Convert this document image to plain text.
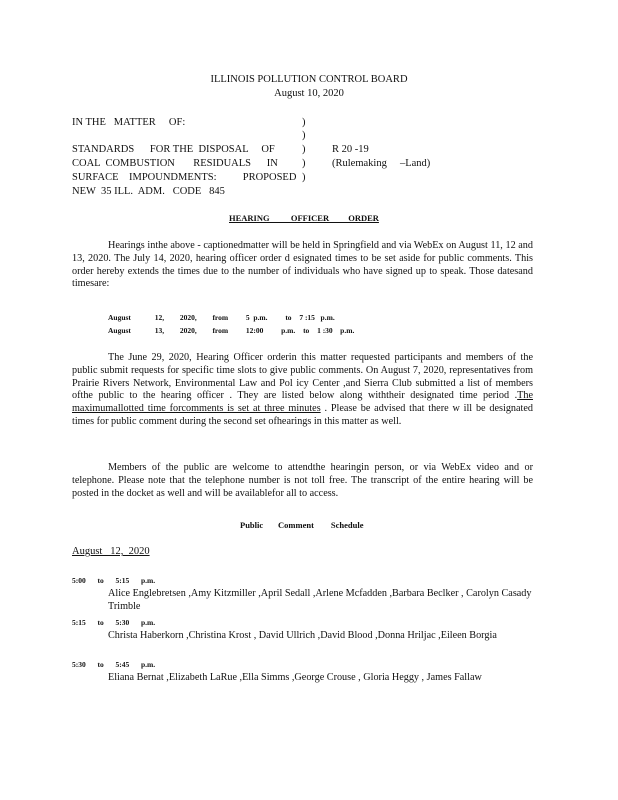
ILLINOIS POLLUTION CONTROL BOARD
August 10, 2020
IN THE   MATTER     OF:
STANDARDS      FOR THE  DISPOSAL     OF
COAL  COMBUSTION       RESIDUALS      IN
SURFACE    IMPOUNDMENTS:          PROPOSED
NEW  35 ILL.  ADM.   CODE   845
)
)
)
)
)
R 20 -19
(Rulemaking     –Land)
HEARING          OFFICER         ORDER
Hearings inthe above - captionedmatter will be held in Springfield and via WebEx on August 11, 12 and 13, 2020. The July 14, 2020, hearing officer order d esignated times to be set aside for public comments. This order hereby extends the times due to the number of individuals who have signed up to speak. Those datesand timesare:
August	12, 2020, from 5  p.m. to 7 :15   p.m.
August	13, 2020, from 12:00 p.m. to 1 :30    p.m.
The June 29, 2020, Hearing Officer orderin this matter requested participants and members of the public submit requests for specific time slots to give public comments. On August 7, 2020, representatives from Prairie Rivers Network, Environmental Law and Pol icy Center ,and Sierra Club submitted a list of members ofthe public to the hearing officer . They are listed below along withtheir designated time period .The maximumallotted time forcomments is set at three minutes . Please be advised that there w ill be designated times for public comment during the second set ofhearings in this matter as well.
Members of the public are welcome to attendthe hearingin person, or via WebEx video and or telephone. Please note that the telephone number is not toll free. The transcript of the entire hearing will be posted in the docket as well and will be availablefor all to access.
Public       Comment        Schedule
August   12,  2020
5:00 to 5:15 p.m.
Alice Englebretsen ,Amy Kitzmiller ,April Sedall ,Arlene Mcfadden ,Barbara Beclker , Carolyn Casady Trimble
5:15 to 5:30 p.m.
Christa Haberkorn ,Christina Krost , David Ullrich ,David Blood ,Donna Hriljac ,Eileen Borgia
5:30 to 5:45 p.m.
Eliana Bernat ,Elizabeth LaRue ,Ella Simms ,George Crouse , Gloria Heggy , James Fallaw
